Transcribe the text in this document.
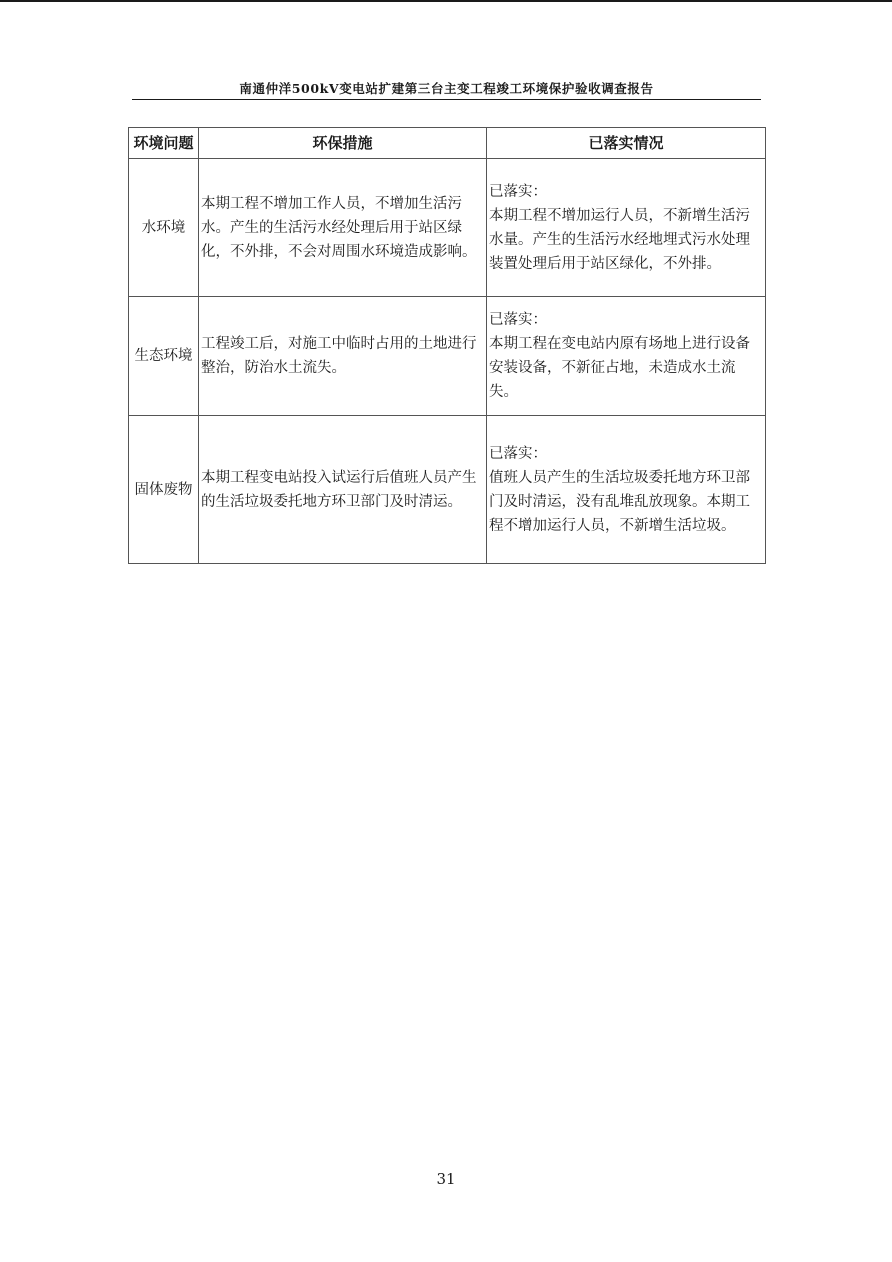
南通仲洋500kV变电站扩建第三台主变工程竣工环境保护验收调查报告
环境问题	环保措施	已落实情况
水环境	本期工程不增加工作人员，不增加生活污水。产生的生活污水经处理后用于站区绿化，不外排，不会对周围水环境造成影响。	已落实：
本期工程不增加运行人员，不新增生活污水量。产生的生活污水经地埋式污水处理装置处理后用于站区绿化，不外排。

生态环境	工程竣工后，对施工中临时占用的土地进行整治，防治水土流失。	已落实：
本期工程在变电站内原有场地上进行设备安装设备，不新征占地，未造成水土流失。

固体废物	本期工程变电站投入试运行后值班人员产生的生活垃圾委托地方环卫部门及时清运。	已落实：
值班人员产生的生活垃圾委托地方环卫部门及时清运，没有乱堆乱放现象。本期工程不增加运行人员，不新增生活垃圾。
31
